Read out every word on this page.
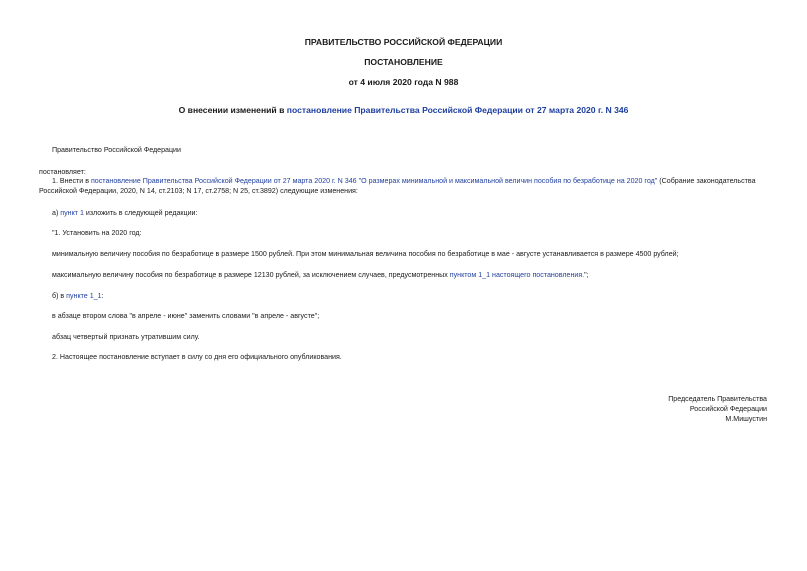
ПРАВИТЕЛЬСТВО РОССИЙСКОЙ ФЕДЕРАЦИИ
ПОСТАНОВЛЕНИЕ
от 4 июля 2020 года N 988
О внесении изменений в постановление Правительства Российской Федерации от 27 марта 2020 г. N 346
Правительство Российской Федерации
постановляет:
1. Внести в постановление Правительства Российской Федерации от 27 марта 2020 г. N 346 "О размерах минимальной и максимальной величин пособия по безработице на 2020 год" (Собрание законодательства
Российской Федерации, 2020, N 14, ст.2103; N 17, ст.2758; N 25, ст.3892) следующие изменения:
а) пункт 1 изложить в следующей редакции:
"1. Установить на 2020 год:
минимальную величину пособия по безработице в размере 1500 рублей. При этом минимальная величина пособия по безработице в мае - августе устанавливается в размере 4500 рублей;
максимальную величину пособия по безработице в размере 12130 рублей, за исключением случаев, предусмотренных пунктом 1_1 настоящего постановления.";
б) в пункте 1_1:
в абзаце втором слова "в апреле - июне" заменить словами "в апреле - августе";
абзац четвертый признать утратившим силу.
2. Настоящее постановление вступает в силу со дня его официального опубликования.
Председатель Правительства
Российской Федерации
М.Мишустин
